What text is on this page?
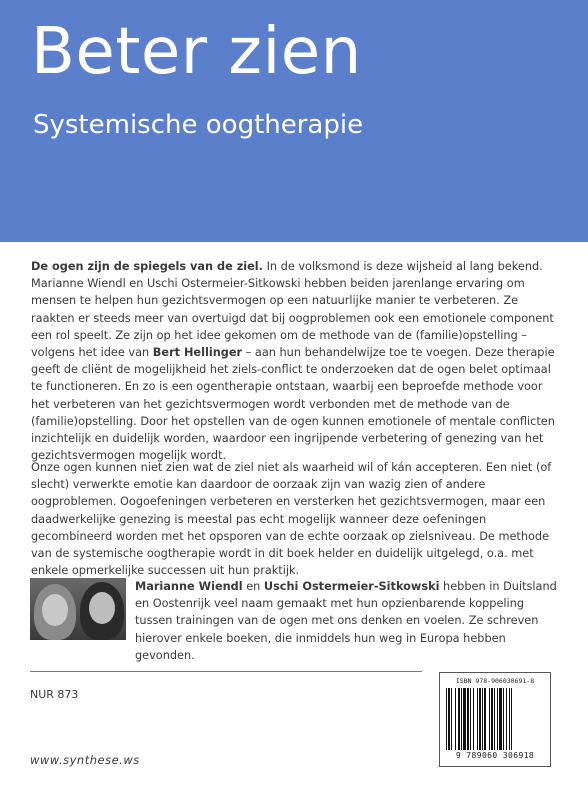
Beter zien
Systemische oogtherapie

De ogen zijn de spiegels van de ziel. In de volksmond is deze wijsheid al lang bekend. Marianne Wiendl en Uschi Ostermeier-Sitkowski hebben beiden jarenlange ervaring om mensen te helpen hun gezichtsvermogen op een natuurlijke manier te verbeteren. Ze raakten er steeds meer van overtuigd dat bij oogproblemen ook een emotionele component een rol speelt. Ze zijn op het idee gekomen om de methode van de (familie)opstelling – volgens het idee van Bert Hellinger – aan hun behandelwijze toe te voegen. Deze therapie geeft de cliënt de mogelijkheid het ziels-conflict te onderzoeken dat de ogen belet optimaal te functioneren. En zo is een ogentherapie ontstaan, waarbij een beproefde methode voor het verbeteren van het gezichtsvermogen wordt verbonden met de methode van de (familie)opstelling. Door het opstellen van de ogen kunnen emotionele of mentale conflicten inzichtelijk en duidelijk worden, waardoor een ingrijpende verbetering of genezing van het gezichtsvermogen mogelijk wordt.

Onze ogen kunnen niet zien wat de ziel niet als waarheid wil of kán accepteren. Een niet (of slecht) verwerkte emotie kan daardoor de oorzaak zijn van wazig zien of andere oogproblemen. Oogoefeningen verbeteren en versterken het gezichtsvermogen, maar een daadwerkelijke genezing is meestal pas echt mogelijk wanneer deze oefeningen gecombineerd worden met het opsporen van de echte oorzaak op zielsniveau. De methode van de systemische oogtherapie wordt in dit boek helder en duidelijk uitgelegd, o.a. met enkele opmerkelijke successen uit hun praktijk.

Marianne Wiendl en Uschi Ostermeier-Sitkowski hebben in Duitsland en Oostenrijk veel naam gemaakt met hun opzienbarende koppeling tussen trainingen van de ogen met ons denken en voelen. Ze schreven hierover enkele boeken, die inmiddels hun weg in Europa hebben gevonden.

NUR 873
www.synthese.ws
ISBN 978-906030691-8
9 789060 306918
